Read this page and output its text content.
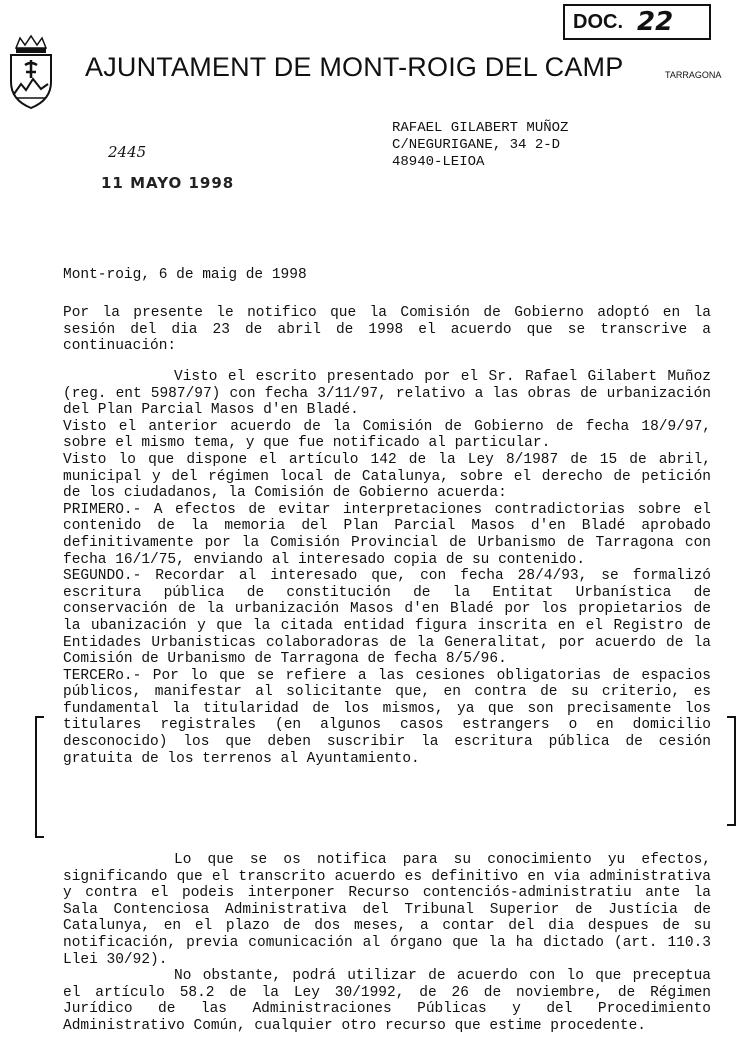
DOC. 22
AJUNTAMENT DE MONT-ROIG DEL CAMP	TARRAGONA
RAFAEL GILABERT MUÑOZ
C/NEGURIGANE, 34 2-D
48940-LEIOA
2445
11 MAYO 1998
Mont-roig, 6 de maig de 1998
Por la presente le notifico que la Comisión de Gobierno adoptó en la sesión del dia 23 de abril de 1998 el acuerdo que se transcrive a continuación:

Visto el escrito presentado por el Sr. Rafael Gilabert Muñoz (reg. ent 5987/97) con fecha 3/11/97, relativo a las obras de urbanización del Plan Parcial Masos d'en Bladé.

Visto el anterior acuerdo de la Comisión de Gobierno de fecha 18/9/97, sobre el mismo tema, y que fue notificado al particular.

Visto lo que dispone el artículo 142 de la Ley 8/1987 de 15 de abril, municipal y del régimen local de Catalunya, sobre el derecho de petición de los ciudadanos, la Comisión de Gobierno acuerda:

PRIMERO.- A efectos de evitar interpretaciones contradictorias sobre el contenido de la memoria del Plan Parcial Masos d'en Bladé aprobado definitivamente por la Comisión Provincial de Urbanismo de Tarragona con fecha 16/1/75, enviando al interesado copia de su contenido.

SEGUNDO.- Recordar al interesado que, con fecha 28/4/93, se formalizó escritura pública de constitución de la Entitat Urbanística de conservación de la urbanización Masos d'en Bladé por los propietarios de la ubanización y que la citada entidad figura inscrita en el Registro de Entidades Urbanisticas colaboradoras de la Generalitat, por acuerdo de la Comisión de Urbanismo de Tarragona de fecha 8/5/96.

TERCERo.- Por lo que se refiere a las cesiones obligatorias de espacios públicos, manifestar al solicitante que, en contra de su criterio, es fundamental la titularidad de los mismos, ya que son precisamente los titulares registrales (en algunos casos estrangers o en domicilio desconocido) los que deben suscribir la escritura pública de cesión gratuita de los terrenos al Ayuntamiento.

Lo que se os notifica para su conocimiento yu efectos, significando que el transcrito acuerdo es definitivo en via administrativa y contra el podeis interponer Recurso contenciós-administratiu ante la Sala Contenciosa Administrativa del Tribunal Superior de Justícia de Catalunya, en el plazo de dos meses, a contar del dia despues de su notificación, previa comunicación al órgano que la ha dictado (art. 110.3 Llei 30/92).

No obstante, podrá utilizar de acuerdo con lo que preceptua el artículo 58.2 de la Ley 30/1992, de 26 de noviembre, de Régimen Jurídico de las Administraciones Públicas y del Procedimiento Administrativo Común, cualquier otro recurso que estime procedente.
